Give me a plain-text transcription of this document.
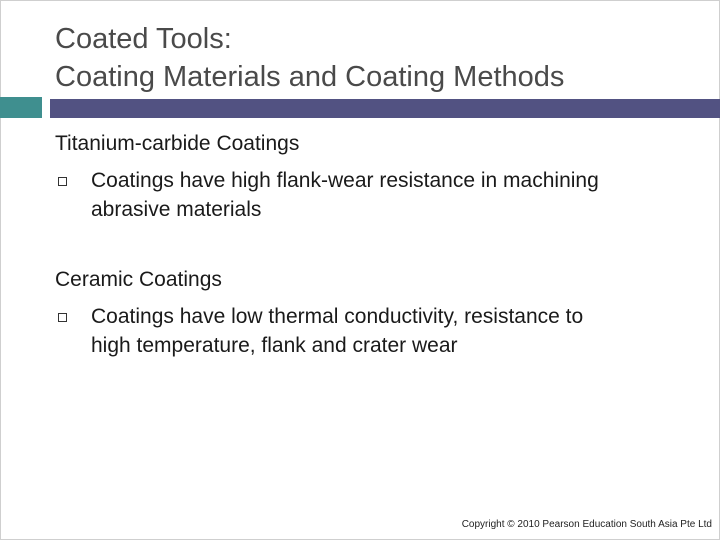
Coated Tools:
Coating Materials and Coating Methods
Titanium-carbide Coatings
Coatings have high flank-wear resistance in machining
abrasive materials
Ceramic Coatings
Coatings have low thermal conductivity, resistance to
high temperature, flank and crater wear
Copyright © 2010 Pearson Education South Asia Pte Ltd
